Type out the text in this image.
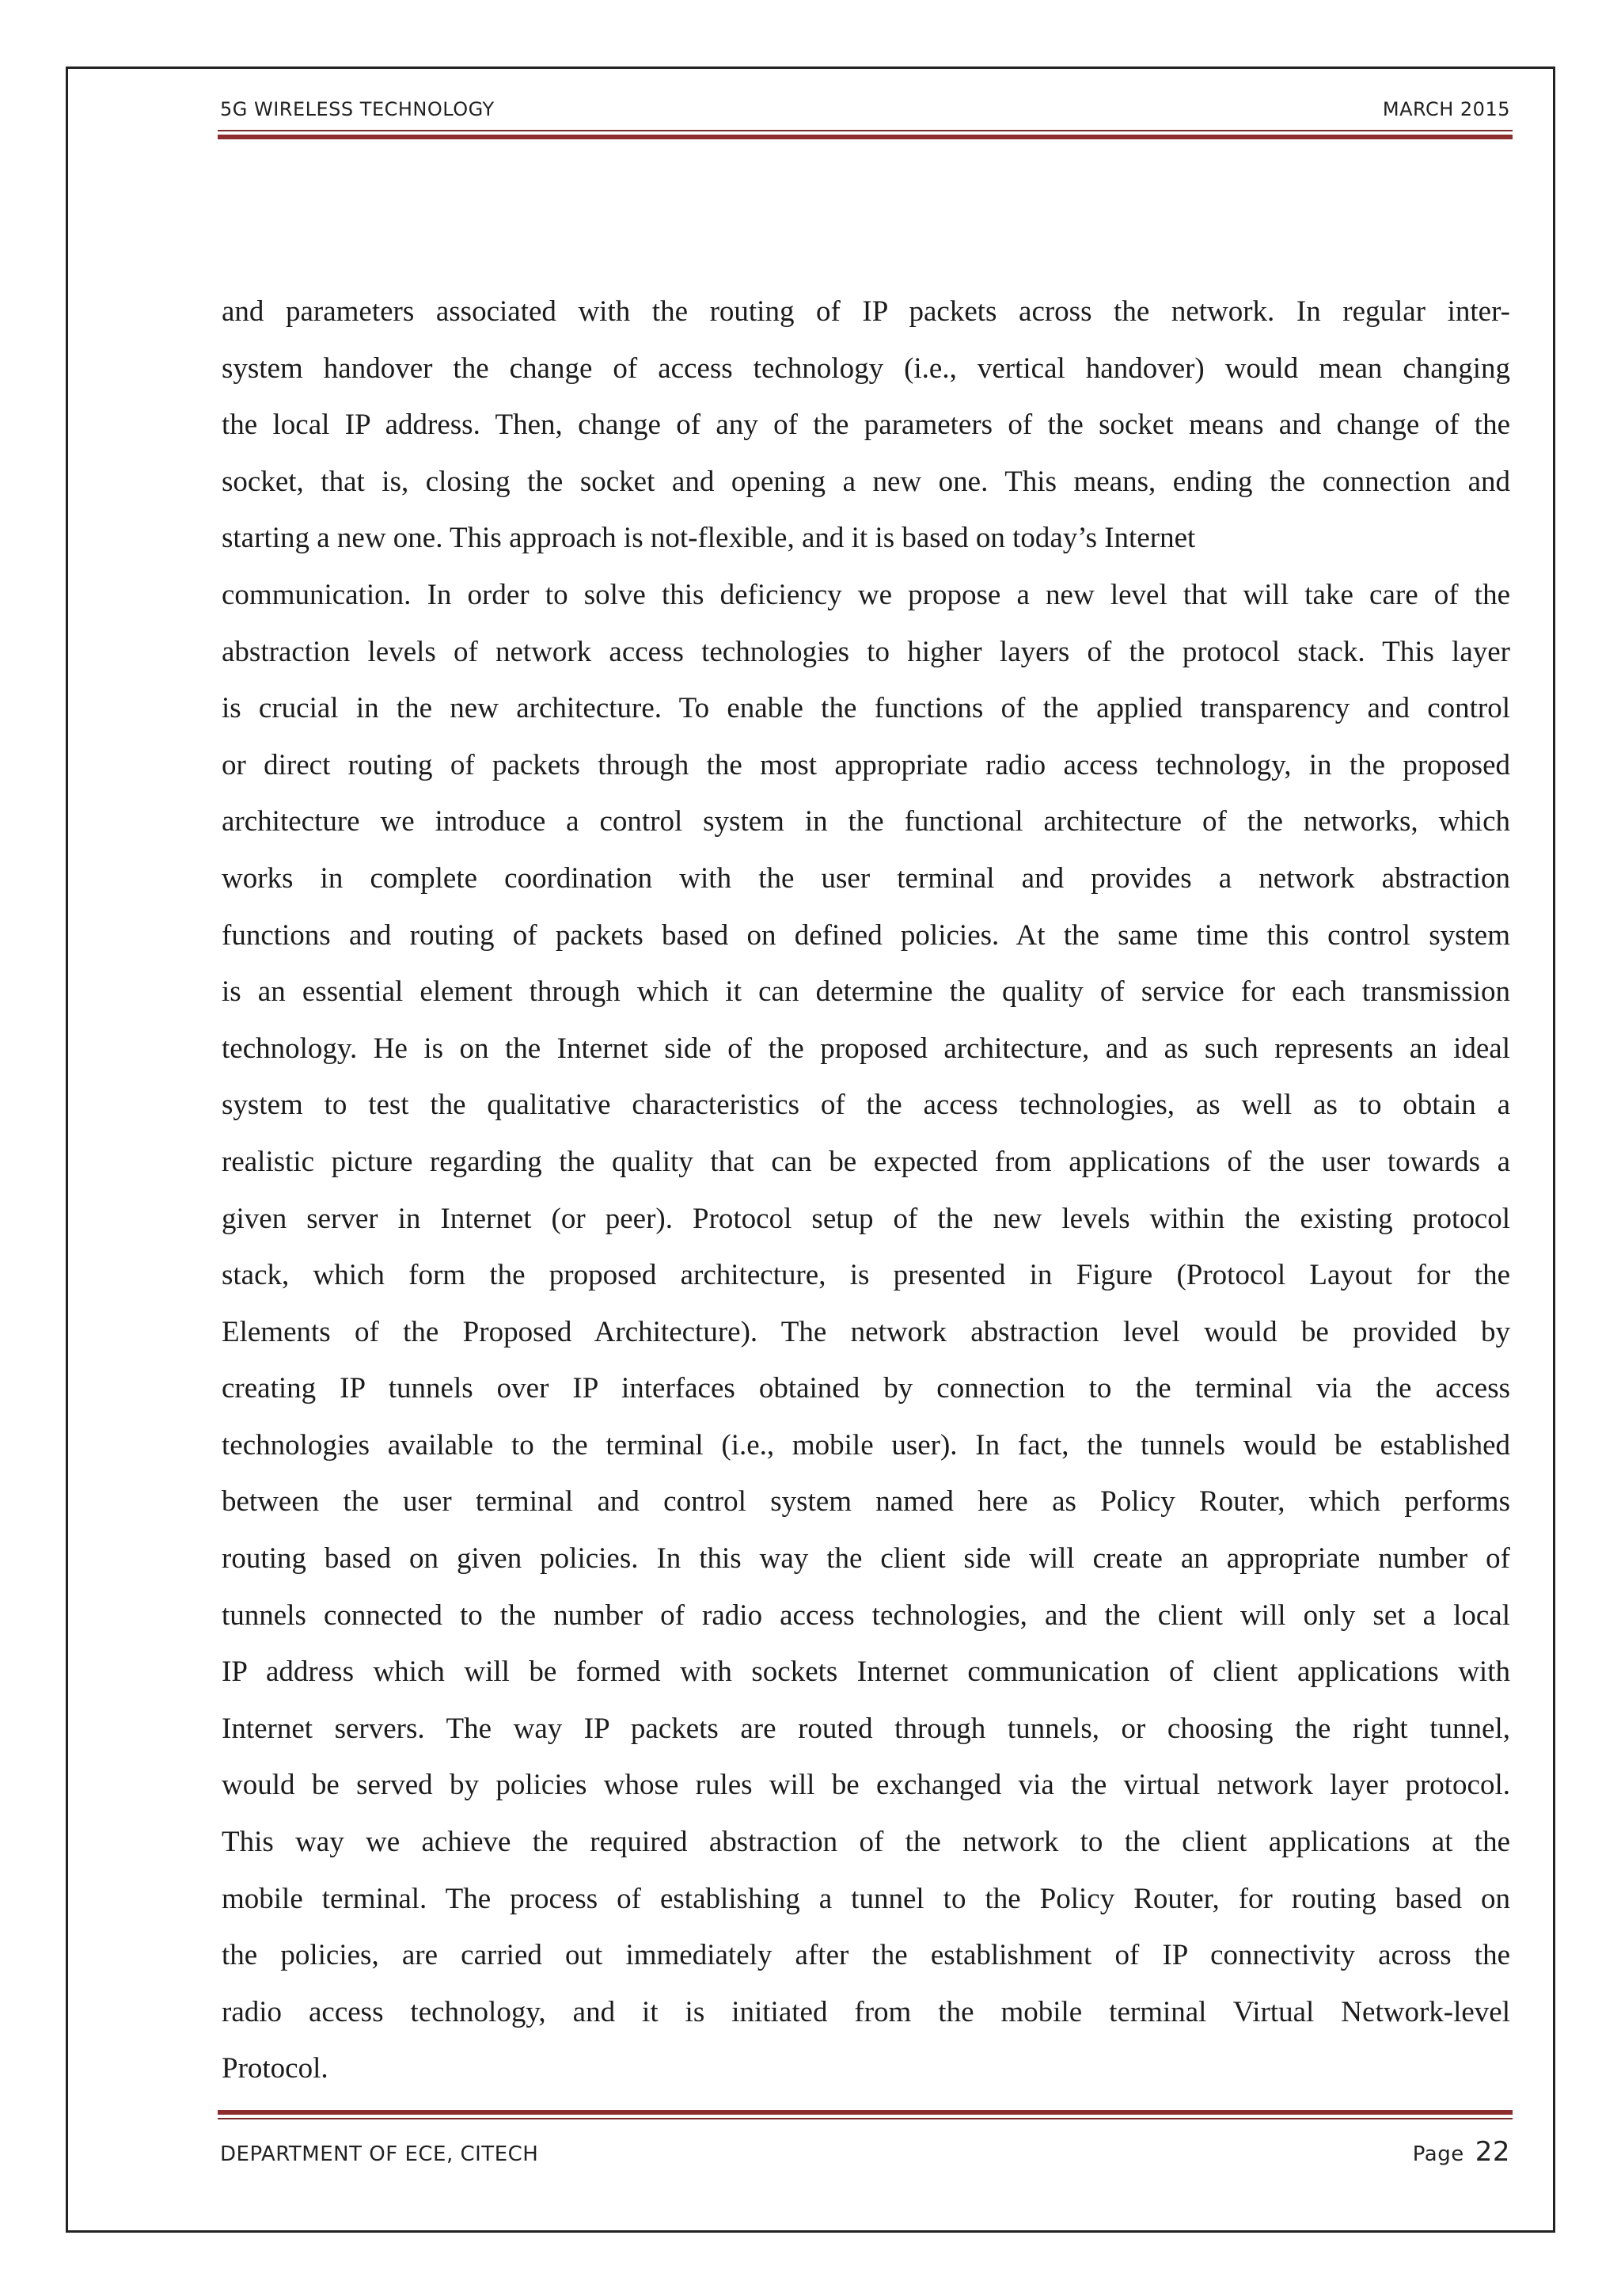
5G WIRELESS TECHNOLOGY	MARCH 2015

and parameters associated with the routing of IP packets across the network. In regular inter-

system handover the change of access technology (i.e., vertical handover) would mean changing

the local IP address. Then, change of any of the parameters of the socket means and change of the

socket, that is, closing the socket and opening a new one. This means, ending the connection and

starting a new one. This approach is not-flexible, and it is based on today’s Internet

communication. In order to solve this deficiency we propose a new level that will take care of the

abstraction levels of network access technologies to higher layers of the protocol stack. This layer

is crucial in the new architecture. To enable the functions of the applied transparency and control

or direct routing of packets through the most appropriate radio access technology, in the proposed

architecture we introduce a control system in the functional architecture of the networks, which

works in complete coordination with the user terminal and provides a network abstraction

functions and routing of packets based on defined policies. At the same time this control system

is an essential element through which it can determine the quality of service for each transmission

technology. He is on the Internet side of the proposed architecture, and as such represents an ideal

system to test the qualitative characteristics of the access technologies, as well as to obtain a

realistic picture regarding the quality that can be expected from applications of the user towards a

given server in Internet (or peer). Protocol setup of the new levels within the existing protocol

stack, which form the proposed architecture, is presented in Figure (Protocol Layout for the

Elements of the Proposed Architecture). The network abstraction level would be provided by

creating IP tunnels over IP interfaces obtained by connection to the terminal via the access

technologies available to the terminal (i.e., mobile user). In fact, the tunnels would be established

between the user terminal and control system named here as Policy Router, which performs

routing based on given policies. In this way the client side will create an appropriate number of

tunnels connected to the number of radio access technologies, and the client will only set a local

IP address which will be formed with sockets Internet communication of client applications with

Internet servers. The way IP packets are routed through tunnels, or choosing the right tunnel,

would be served by policies whose rules will be exchanged via the virtual network layer protocol.

This way we achieve the required abstraction of the network to the client applications at the

mobile terminal. The process of establishing a tunnel to the Policy Router, for routing based on

the policies, are carried out immediately after the establishment of IP connectivity across the

radio access technology, and it is initiated from the mobile terminal Virtual Network-level

Protocol.

DEPARTMENT OF ECE, CITECH	Page 22
